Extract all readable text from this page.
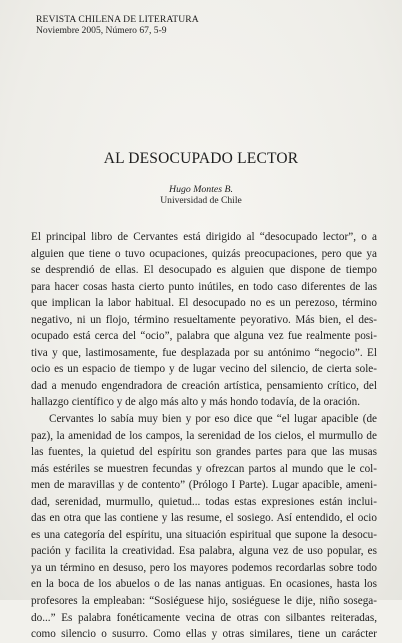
REVISTA CHILENA DE LITERATURA
Noviembre 2005, Número 67, 5-9
AL DESOCUPADO LECTOR
Hugo Montes B.
Universidad de Chile
El principal libro de Cervantes está dirigido al “desocupado lector”, o a
alguien que tiene o tuvo ocupaciones, quizás preocupaciones, pero que ya
se desprendió de ellas. El desocupado es alguien que dispone de tiempo
para hacer cosas hasta cierto punto inútiles, en todo caso diferentes de las
que implican la labor habitual. El desocupado no es un perezoso, término
negativo, ni un flojo, término resueltamente peyorativo. Más bien, el des-
ocupado está cerca del “ocio”, palabra que alguna vez fue realmente posi-
tiva y que, lastimosamente, fue desplazada por su antónimo “negocio”. El
ocio es un espacio de tiempo y de lugar vecino del silencio, de cierta sole-
dad a menudo engendradora de creación artística, pensamiento crítico, del
hallazgo científico y de algo más alto y más hondo todavía, de la oración.
Cervantes lo sabía muy bien y por eso dice que “el lugar apacible (de
paz), la amenidad de los campos, la serenidad de los cielos, el murmullo de
las fuentes, la quietud del espíritu son grandes partes para que las musas
más estériles se muestren fecundas y ofrezcan partos al mundo que le col-
men de maravillas y de contento” (Prólogo I Parte). Lugar apacible, ameni-
dad, serenidad, murmullo, quietud... todas estas expresiones están inclui-
das en otra que las contiene y las resume, el sosiego. Así entendido, el ocio
es una categoría del espíritu, una situación espiritual que supone la desocu-
pación y facilita la creatividad. Esa palabra, alguna vez de uso popular, es
ya un término en desuso, pero los mayores podemos recordarlas sobre todo
en la boca de los abuelos o de las nanas antiguas. En ocasiones, hasta los
profesores la empleaban: “Sosiéguese hijo, sosiéguese le dije, niño sosega-
do...” Es palabra fonéticamente vecina de otras con silbantes reiteradas,
como silencio o susurro. Como ellas y otras similares, tiene un carácter
